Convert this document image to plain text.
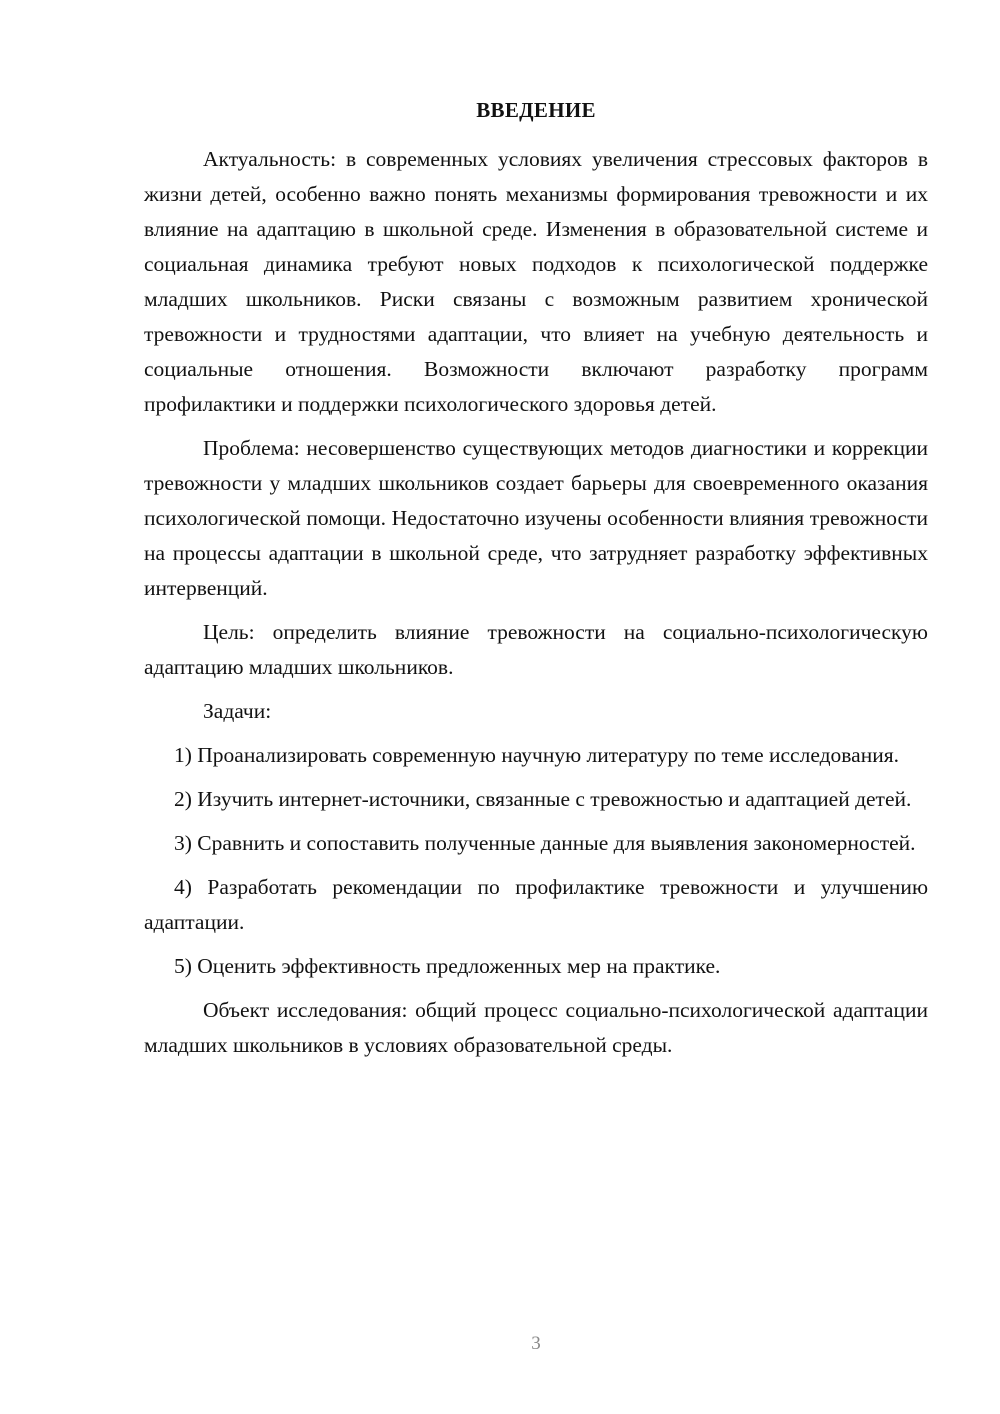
ВВЕДЕНИЕ

Актуальность: в современных условиях увеличения стрессовых факторов в жизни детей, особенно важно понять механизмы формирования тревожности и их влияние на адаптацию в школьной среде. Изменения в образовательной системе и социальная динамика требуют новых подходов к психологической поддержке младших школьников. Риски связаны с возможным развитием хронической тревожности и трудностями адаптации, что влияет на учебную деятельность и социальные отношения. Возможности включают разработку программ профилактики и поддержки психологического здоровья детей.

Проблема: несовершенство существующих методов диагностики и коррекции тревожности у младших школьников создает барьеры для своевременного оказания психологической помощи. Недостаточно изучены особенности влияния тревожности на процессы адаптации в школьной среде, что затрудняет разработку эффективных интервенций.

Цель: определить влияние тревожности на социально-психологическую адаптацию младших школьников.

Задачи:

1) Проанализировать современную научную литературу по теме исследования.

2) Изучить интернет-источники, связанные с тревожностью и адаптацией детей.

3) Сравнить и сопоставить полученные данные для выявления закономерностей.

4) Разработать рекомендации по профилактике тревожности и улучшению адаптации.

5) Оценить эффективность предложенных мер на практике.

Объект исследования: общий процесс социально-психологической адаптации младших школьников в условиях образовательной среды.

3
